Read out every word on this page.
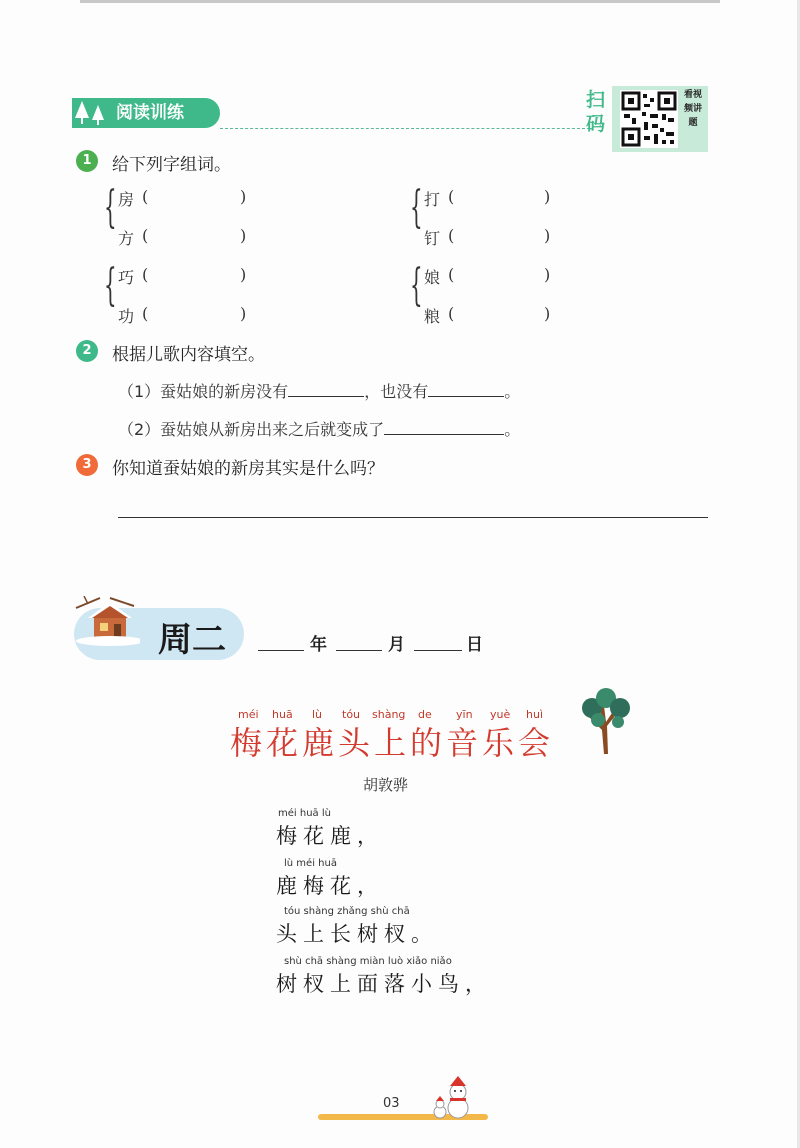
阅读训练
扫码
看视频讲题
1	给下列字组词。
{ 房 (	)
方 (	)
{ 打 (	)
钉 (	)
{ 巧 (	)
功 (	)
{ 娘 (	)
粮 (	)
2	根据儿歌内容填空。
（1）蚕姑娘的新房没有	，也没有	。
（2）蚕姑娘从新房出来之后就变成了	。
3	你知道蚕姑娘的新房其实是什么吗？
周二	年	月	日
méi huā lù tóu shàng de yīn yuè huì
梅花鹿头上的音乐会
胡敦骅
méi huā lù
梅花鹿，
lù méi huā
鹿梅花，
tóu shàng zhǎng shù chā
头上长树杈。
shù chā shàng miàn luò xiǎo niǎo
树杈上面落小鸟，
03
